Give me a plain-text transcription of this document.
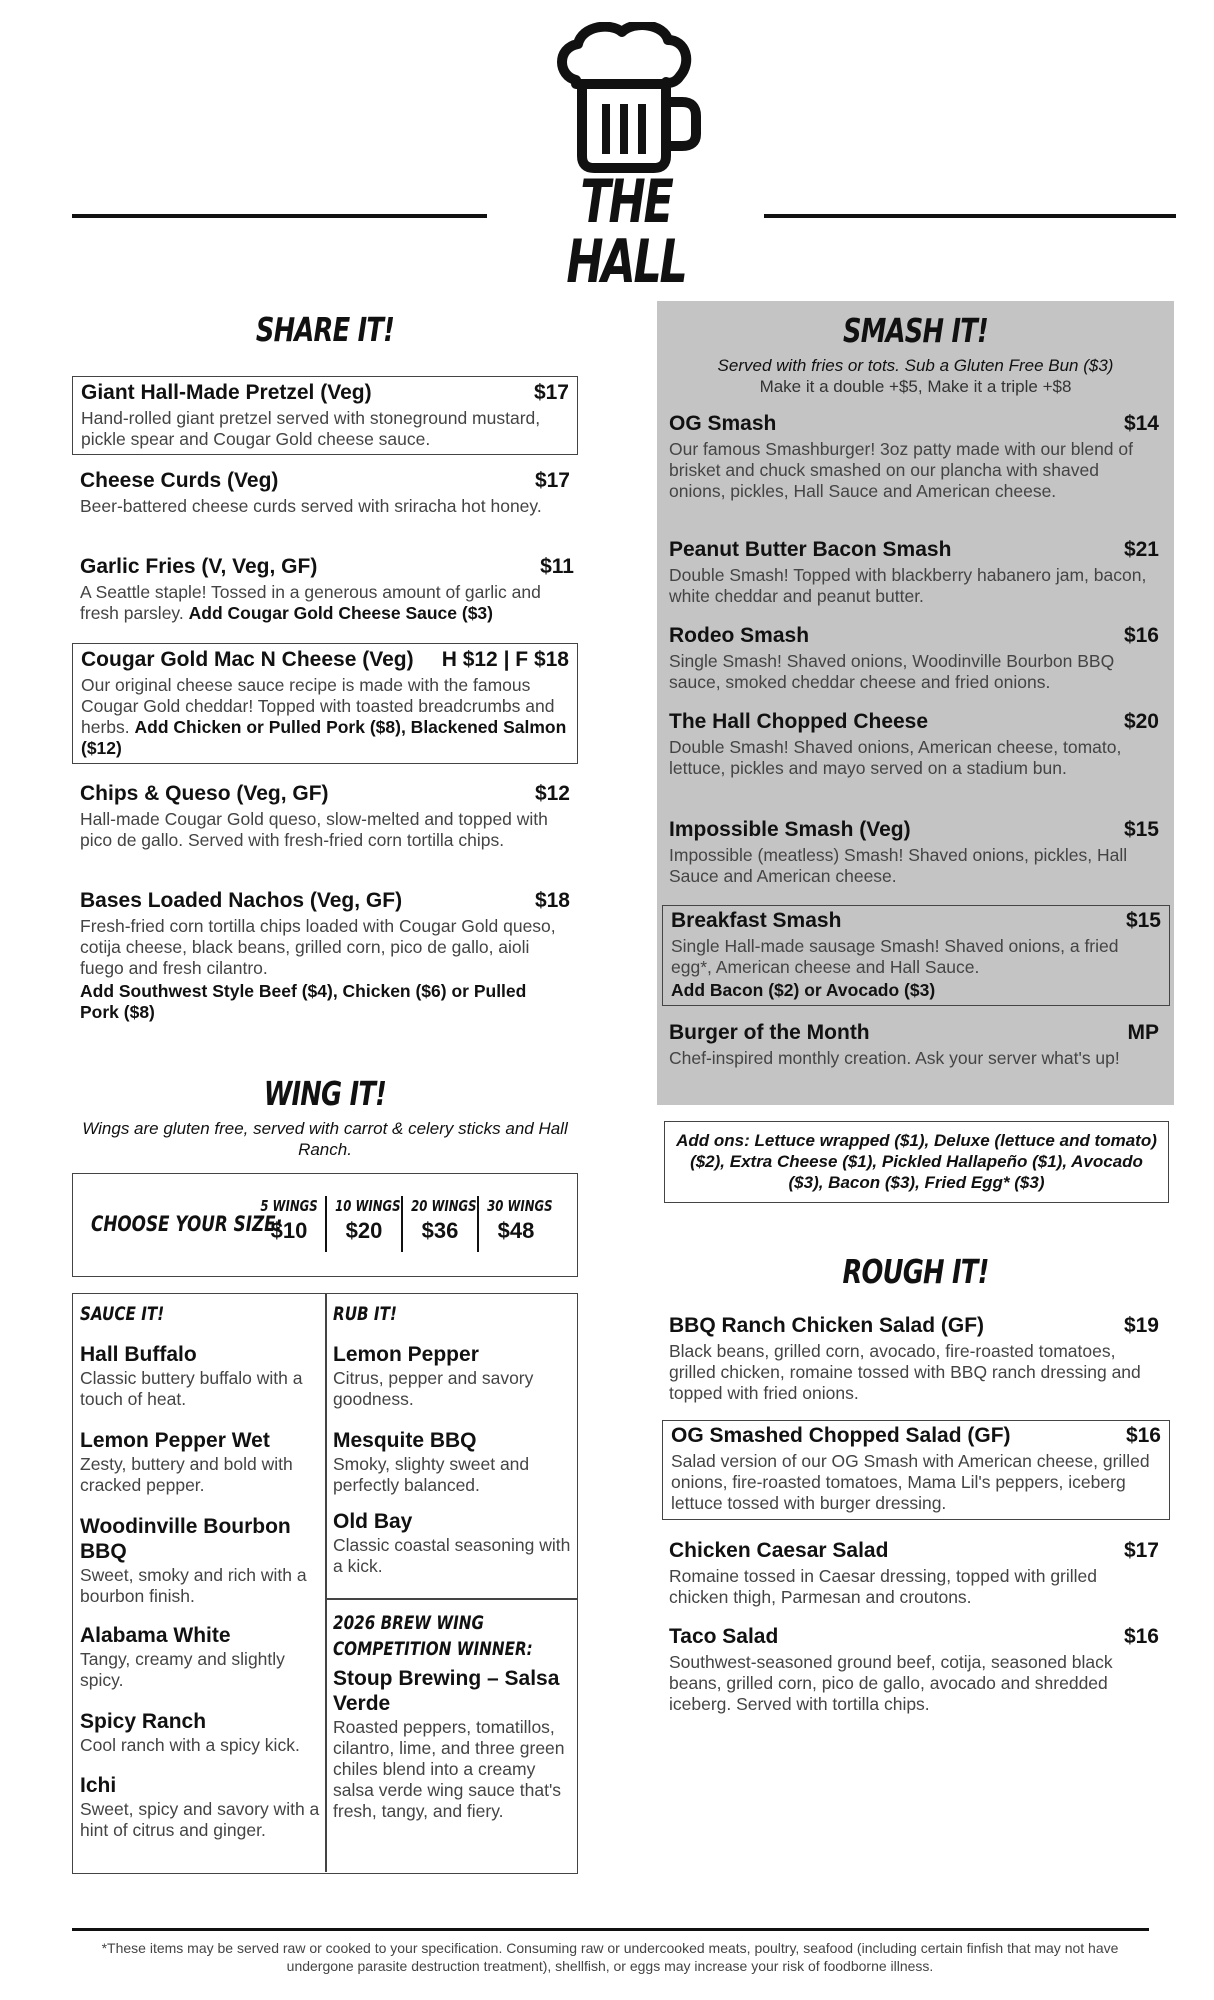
THE HALL
SHARE IT!
Giant Hall-Made Pretzel (Veg)	$17
Hand-rolled giant pretzel served with stoneground mustard, pickle spear and Cougar Gold cheese sauce.
Cheese Curds (Veg)	$17
Beer-battered cheese curds served with sriracha hot honey.
Garlic Fries (V, Veg, GF)	$11
A Seattle staple! Tossed in a generous amount of garlic and fresh parsley. Add Cougar Gold Cheese Sauce ($3)
Cougar Gold Mac N Cheese (Veg) H $12 | F $18
Our original cheese sauce recipe is made with the famous Cougar Gold cheddar! Topped with toasted breadcrumbs and herbs. Add Chicken or Pulled Pork ($8), Blackened Salmon ($12)
Chips & Queso (Veg, GF)	$12
Hall-made Cougar Gold queso, slow-melted and topped with pico de gallo. Served with fresh-fried corn tortilla chips.
Bases Loaded Nachos (Veg, GF)	$18
Fresh-fried corn tortilla chips loaded with Cougar Gold queso, cotija cheese, black beans, grilled corn, pico de gallo, aioli fuego and fresh cilantro.
Add Southwest Style Beef ($4), Chicken ($6) or Pulled Pork ($8)
WING IT!
Wings are gluten free, served with carrot & celery sticks and Hall Ranch.
CHOOSE YOUR SIZE:
5 WINGS
$10
10 WINGS
$20
20 WINGS
$36
30 WINGS
$48
SAUCE IT!
Hall Buffalo
Classic buttery buffalo with a touch of heat.
Lemon Pepper Wet
Zesty, buttery and bold with cracked pepper.
Woodinville Bourbon BBQ
Sweet, smoky and rich with a bourbon finish.
Alabama White
Tangy, creamy and slightly spicy.
Spicy Ranch
Cool ranch with a spicy kick.
Ichi
Sweet, spicy and savory with a hint of citrus and ginger.
RUB IT!
Lemon Pepper
Citrus, pepper and savory goodness.
Mesquite BBQ
Smoky, slighty sweet and perfectly balanced.
Old Bay
Classic coastal seasoning with a kick.
2026 BREW WING COMPETITION WINNER:
Stoup Brewing – Salsa Verde
Roasted peppers, tomatillos, cilantro, lime, and three green chiles blend into a creamy salsa verde wing sauce that's fresh, tangy, and fiery.
SMASH IT!
Served with fries or tots. Sub a Gluten Free Bun ($3)
Make it a double +$5, Make it a triple +$8
OG Smash	$14
Our famous Smashburger! 3oz patty made with our blend of brisket and chuck smashed on our plancha with shaved onions, pickles, Hall Sauce and American cheese.
Peanut Butter Bacon Smash	$21
Double Smash! Topped with blackberry habanero jam, bacon, white cheddar and peanut butter.
Rodeo Smash	$16
Single Smash! Shaved onions, Woodinville Bourbon BBQ sauce, smoked cheddar cheese and fried onions.
The Hall Chopped Cheese	$20
Double Smash! Shaved onions, American cheese, tomato, lettuce, pickles and mayo served on a stadium bun.
Impossible Smash (Veg)	$15
Impossible (meatless) Smash! Shaved onions, pickles, Hall Sauce and American cheese.
Breakfast Smash	$15
Single Hall-made sausage Smash! Shaved onions, a fried egg*, American cheese and Hall Sauce.
Add Bacon ($2) or Avocado ($3)
Burger of the Month	MP
Chef-inspired monthly creation. Ask your server what's up!
Add ons: Lettuce wrapped ($1), Deluxe (lettuce and tomato) ($2), Extra Cheese ($1), Pickled Hallapeño ($1), Avocado ($3), Bacon ($3), Fried Egg* ($3)
ROUGH IT!
BBQ Ranch Chicken Salad (GF)	$19
Black beans, grilled corn, avocado, fire-roasted tomatoes, grilled chicken, romaine tossed with BBQ ranch dressing and topped with fried onions.
OG Smashed Chopped Salad (GF)	$16
Salad version of our OG Smash with American cheese, grilled onions, fire-roasted tomatoes, Mama Lil's peppers, iceberg lettuce tossed with burger dressing.
Chicken Caesar Salad	$17
Romaine tossed in Caesar dressing, topped with grilled chicken thigh, Parmesan and croutons.
Taco Salad	$16
Southwest-seasoned ground beef, cotija, seasoned black beans, grilled corn, pico de gallo, avocado and shredded iceberg. Served with tortilla chips.
*These items may be served raw or cooked to your specification. Consuming raw or undercooked meats, poultry, seafood (including certain finfish that may not have undergone parasite destruction treatment), shellfish, or eggs may increase your risk of foodborne illness.
